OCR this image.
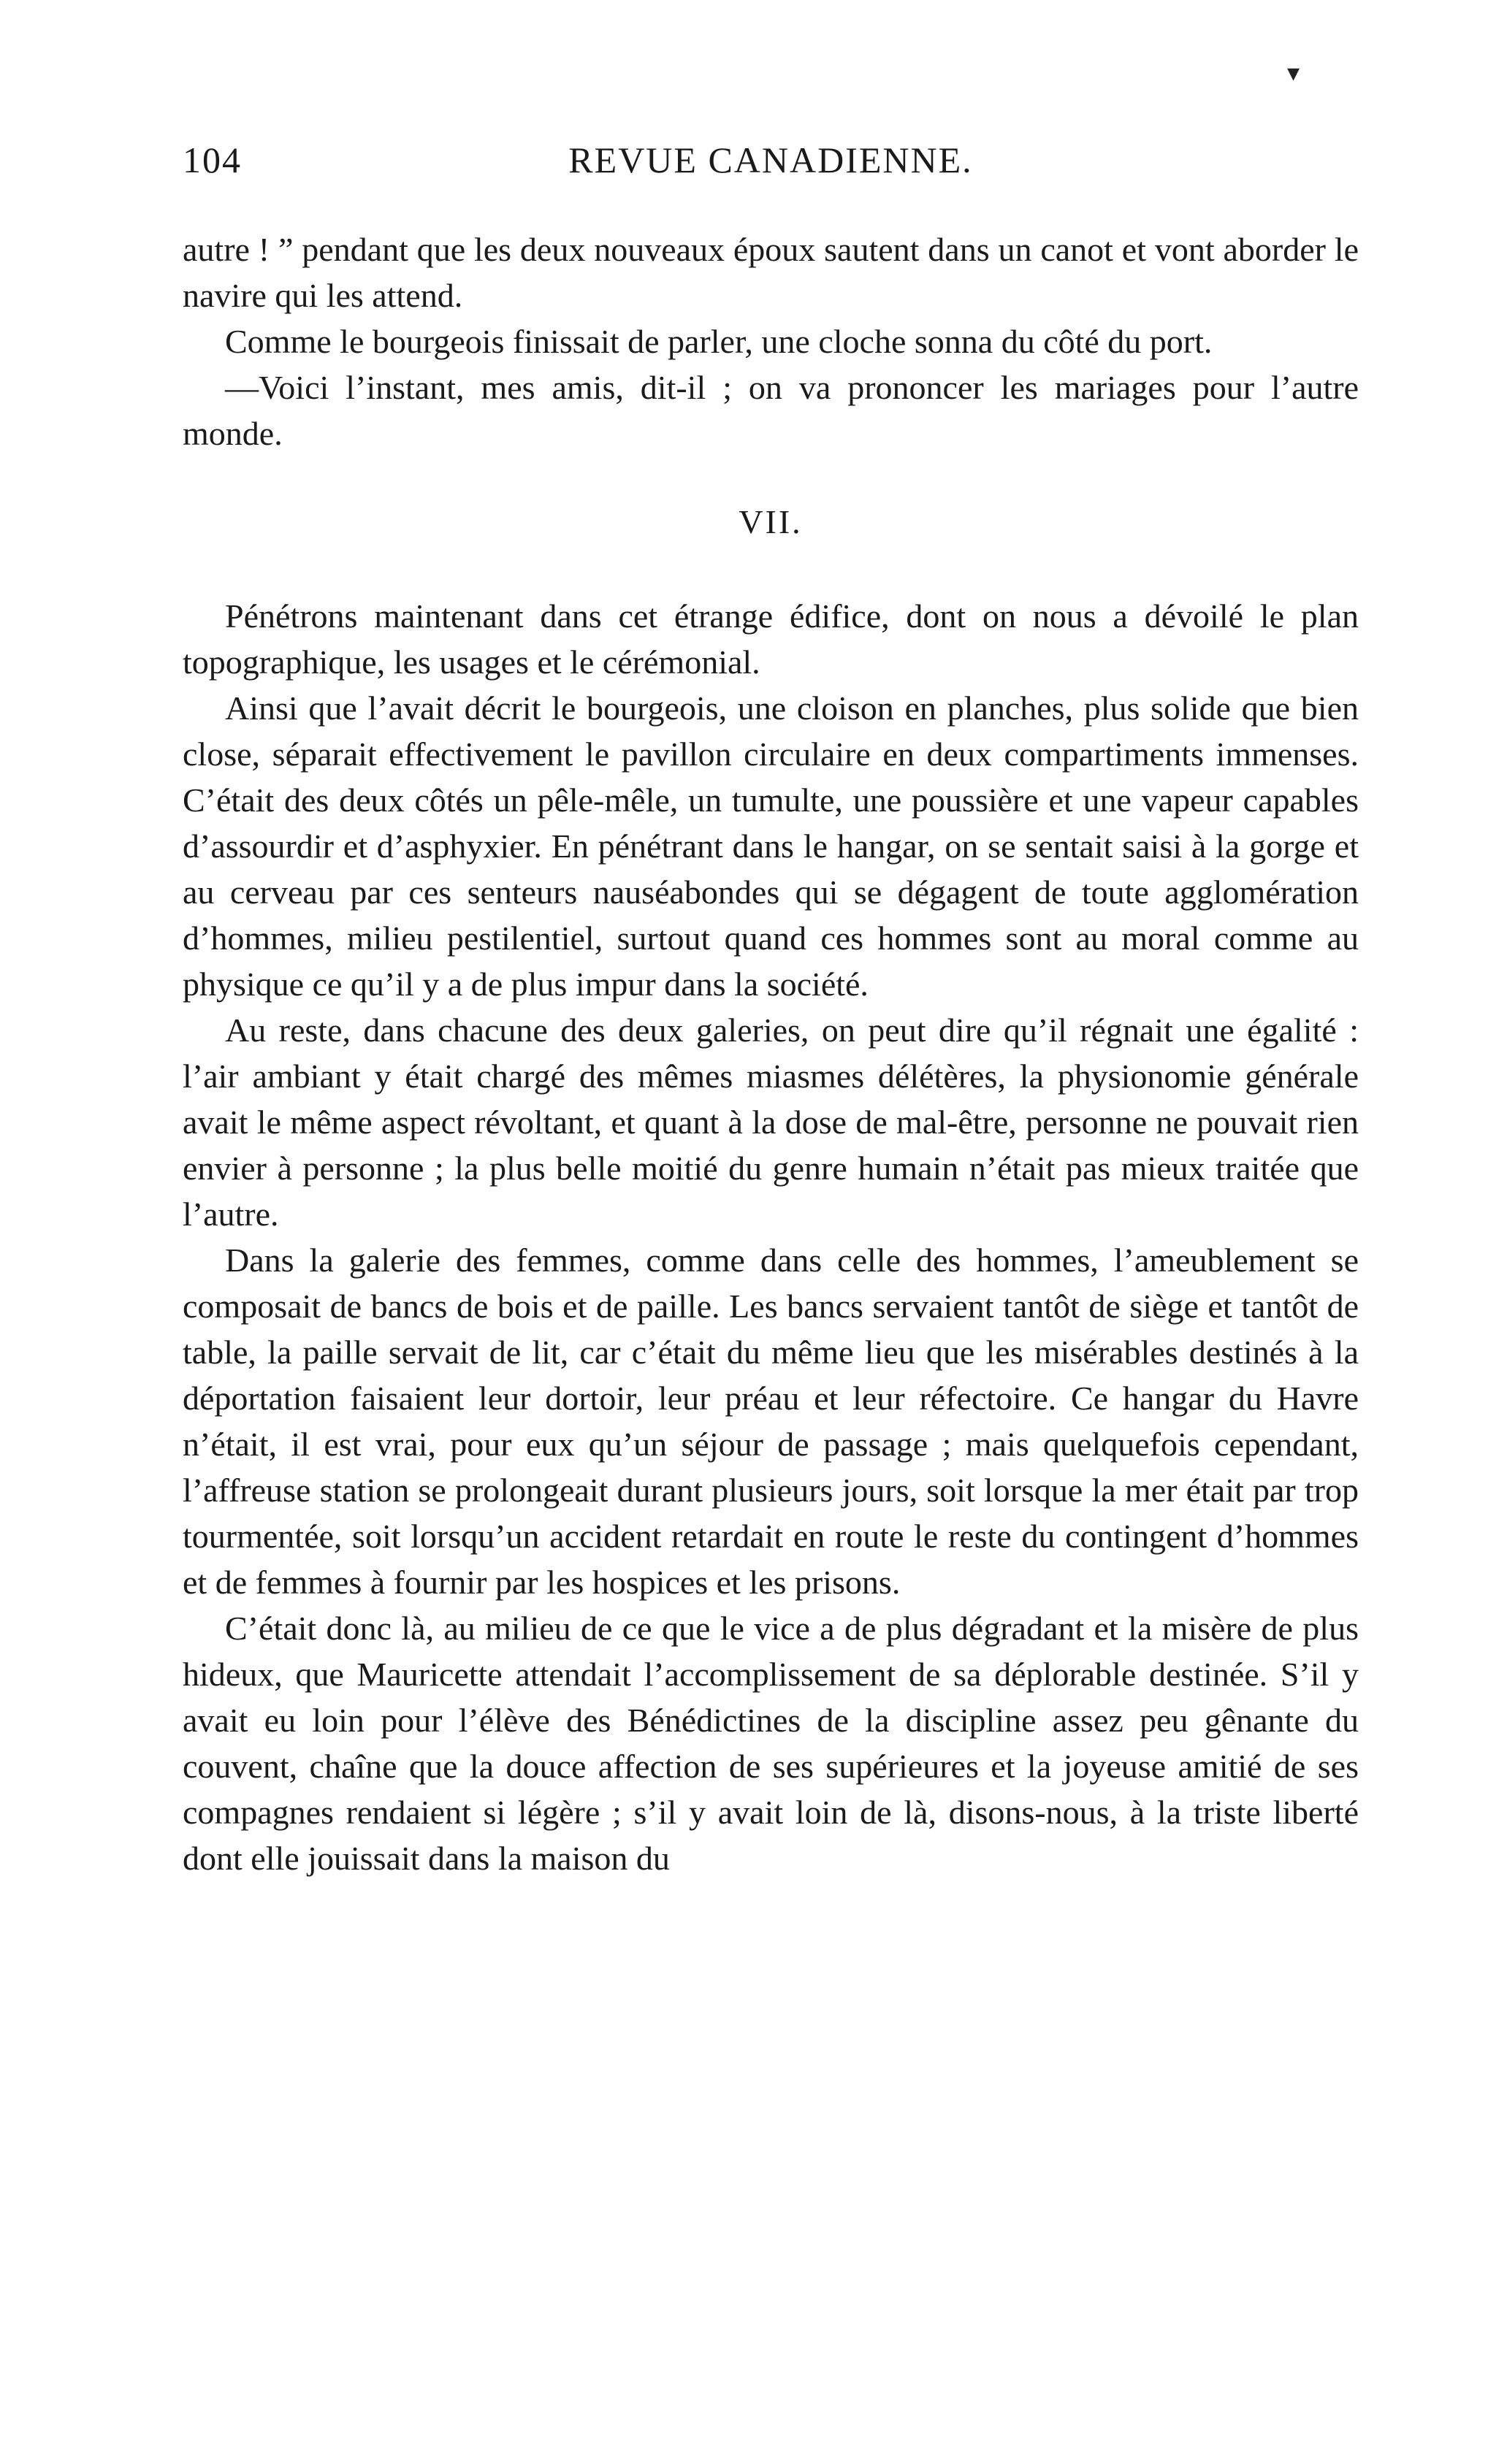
▾
104	REVUE CANADIENNE.

autre ! ” pendant que les deux nouveaux époux sautent dans un canot et vont aborder le navire qui les attend.

Comme le bourgeois finissait de parler, une cloche sonna du côté du port.

—Voici l’instant, mes amis, dit-il ; on va prononcer les mariages pour l’autre monde.

VII.

Pénétrons maintenant dans cet étrange édifice, dont on nous a dévoilé le plan topographique, les usages et le cérémonial.

Ainsi que l’avait décrit le bourgeois, une cloison en planches, plus solide que bien close, séparait effectivement le pavillon circulaire en deux compartiments immenses. C’était des deux côtés un pêle-mêle, un tumulte, une poussière et une vapeur capables d’assourdir et d’asphyxier. En pénétrant dans le hangar, on se sentait saisi à la gorge et au cerveau par ces senteurs nauséabondes qui se dégagent de toute agglomération d’hommes, milieu pestilentiel, surtout quand ces hommes sont au moral comme au physique ce qu’il y a de plus impur dans la société.

Au reste, dans chacune des deux galeries, on peut dire qu’il régnait une égalité : l’air ambiant y était chargé des mêmes miasmes délétères, la physionomie générale avait le même aspect révoltant, et quant à la dose de mal-être, personne ne pouvait rien envier à personne ; la plus belle moitié du genre humain n’était pas mieux traitée que l’autre.

Dans la galerie des femmes, comme dans celle des hommes, l’ameublement se composait de bancs de bois et de paille. Les bancs servaient tantôt de siège et tantôt de table, la paille servait de lit, car c’était du même lieu que les misérables destinés à la déportation faisaient leur dortoir, leur préau et leur réfectoire. Ce hangar du Havre n’était, il est vrai, pour eux qu’un séjour de passage ; mais quelquefois cependant, l’affreuse station se prolongeait durant plusieurs jours, soit lorsque la mer était par trop tourmentée, soit lorsqu’un accident retardait en route le reste du contingent d’hommes et de femmes à fournir par les hospices et les prisons.

C’était donc là, au milieu de ce que le vice a de plus dégradant et la misère de plus hideux, que Mauricette attendait l’accomplissement de sa déplorable destinée. S’il y avait eu loin pour l’élève des Bénédictines de la discipline assez peu gênante du couvent, chaîne que la douce affection de ses supérieures et la joyeuse amitié de ses compagnes rendaient si légère ; s’il y avait loin de là, disons-nous, à la triste liberté dont elle jouissait dans la maison du
